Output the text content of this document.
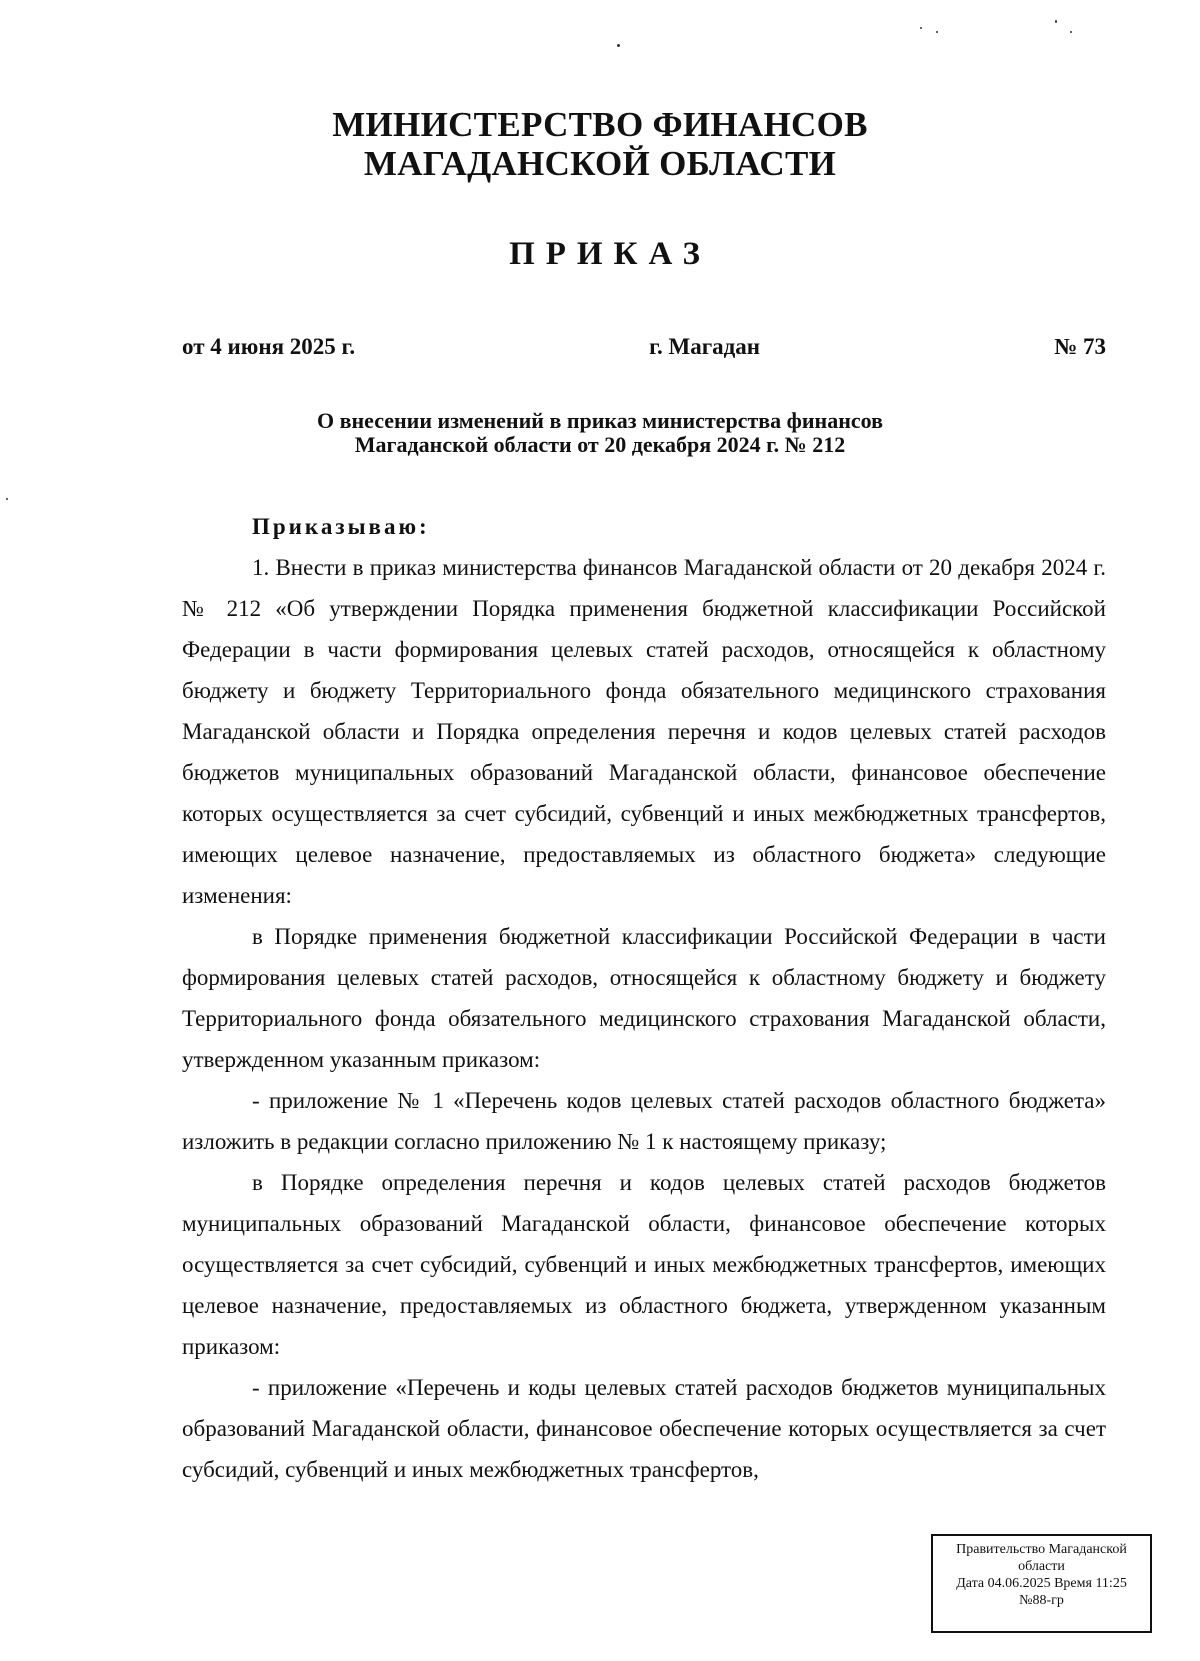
МИНИСТЕРСТВО ФИНАНСОВ
МАГАДАНСКОЙ ОБЛАСТИ
ПРИКАЗ
от 4 июня 2025 г.	г. Магадан	№ 73
О внесении изменений в приказ министерства финансов
Магаданской области от 20 декабря 2024 г. № 212

Приказываю:

1. Внести в приказ министерства финансов Магаданской области от 20 декабря 2024 г. № 212 «Об утверждении Порядка применения бюджетной классификации Российской Федерации в части формирования целевых статей расходов, относящейся к областному бюджету и бюджету Территориального фонда обязательного медицинского страхования Магаданской области и Порядка определения перечня и кодов целевых статей расходов бюджетов муниципальных образований Магаданской области, финансовое обеспечение которых осуществляется за счет субсидий, субвенций и иных межбюджетных трансфертов, имеющих целевое назначение, предоставляемых из областного бюджета» следующие изменения:

в Порядке применения бюджетной классификации Российской Федерации в части формирования целевых статей расходов, относящейся к областному бюджету и бюджету Территориального фонда обязательного медицинского страхования Магаданской области, утвержденном указанным приказом:

- приложение № 1 «Перечень кодов целевых статей расходов областного бюджета» изложить в редакции согласно приложению № 1 к настоящему приказу;

в Порядке определения перечня и кодов целевых статей расходов бюджетов муниципальных образований Магаданской области, финансовое обеспечение которых осуществляется за счет субсидий, субвенций и иных межбюджетных трансфертов, имеющих целевое назначение, предоставляемых из областного бюджета, утвержденном указанным приказом:

- приложение «Перечень и коды целевых статей расходов бюджетов муниципальных образований Магаданской области, финансовое обеспечение которых осуществляется за счет субсидий, субвенций и иных межбюджетных трансфертов,

Правительство Магаданской
области
Дата 04.06.2025 Время 11:25
№88-гр
